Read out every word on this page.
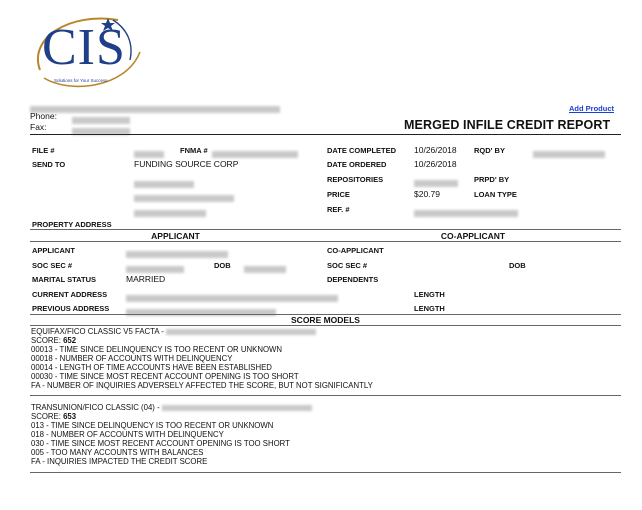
CIS
Solutions for Your Success
Phone:
Fax:
Add Product
MERGED INFILE CREDIT REPORT
FILE #	FNMA #
SEND TO	FUNDING SOURCE CORP
DATE COMPLETED 10/26/2018 RQD' BY
DATE ORDERED	10/26/2018
REPOSITORIES	PRPD' BY
PRICE	$20.79	LOAN TYPE
REF. #
PROPERTY ADDRESS
APPLICANT	CO-APPLICANT
APPLICANT	CO-APPLICANT
SOC SEC #	DOB	SOC SEC #	DOB
MARITAL STATUS	MARRIED	DEPENDENTS
CURRENT ADDRESS	LENGTH
PREVIOUS ADDRESS	LENGTH
SCORE MODELS
EQUIFAX/FICO CLASSIC V5 FACTA -
SCORE: 652
00013 - TIME SINCE DELINQUENCY IS TOO RECENT OR UNKNOWN
00018 - NUMBER OF ACCOUNTS WITH DELINQUENCY
00014 - LENGTH OF TIME ACCOUNTS HAVE BEEN ESTABLISHED
00030 - TIME SINCE MOST RECENT ACCOUNT OPENING IS TOO SHORT
FA - NUMBER OF INQUIRIES ADVERSELY AFFECTED THE SCORE, BUT NOT SIGNIFICANTLY
TRANSUNION/FICO CLASSIC (04) -
SCORE: 653
013 - TIME SINCE DELINQUENCY IS TOO RECENT OR UNKNOWN
018 - NUMBER OF ACCOUNTS WITH DELINQUENCY
030 - TIME SINCE MOST RECENT ACCOUNT OPENING IS TOO SHORT
005 - TOO MANY ACCOUNTS WITH BALANCES
FA - INQUIRIES IMPACTED THE CREDIT SCORE
